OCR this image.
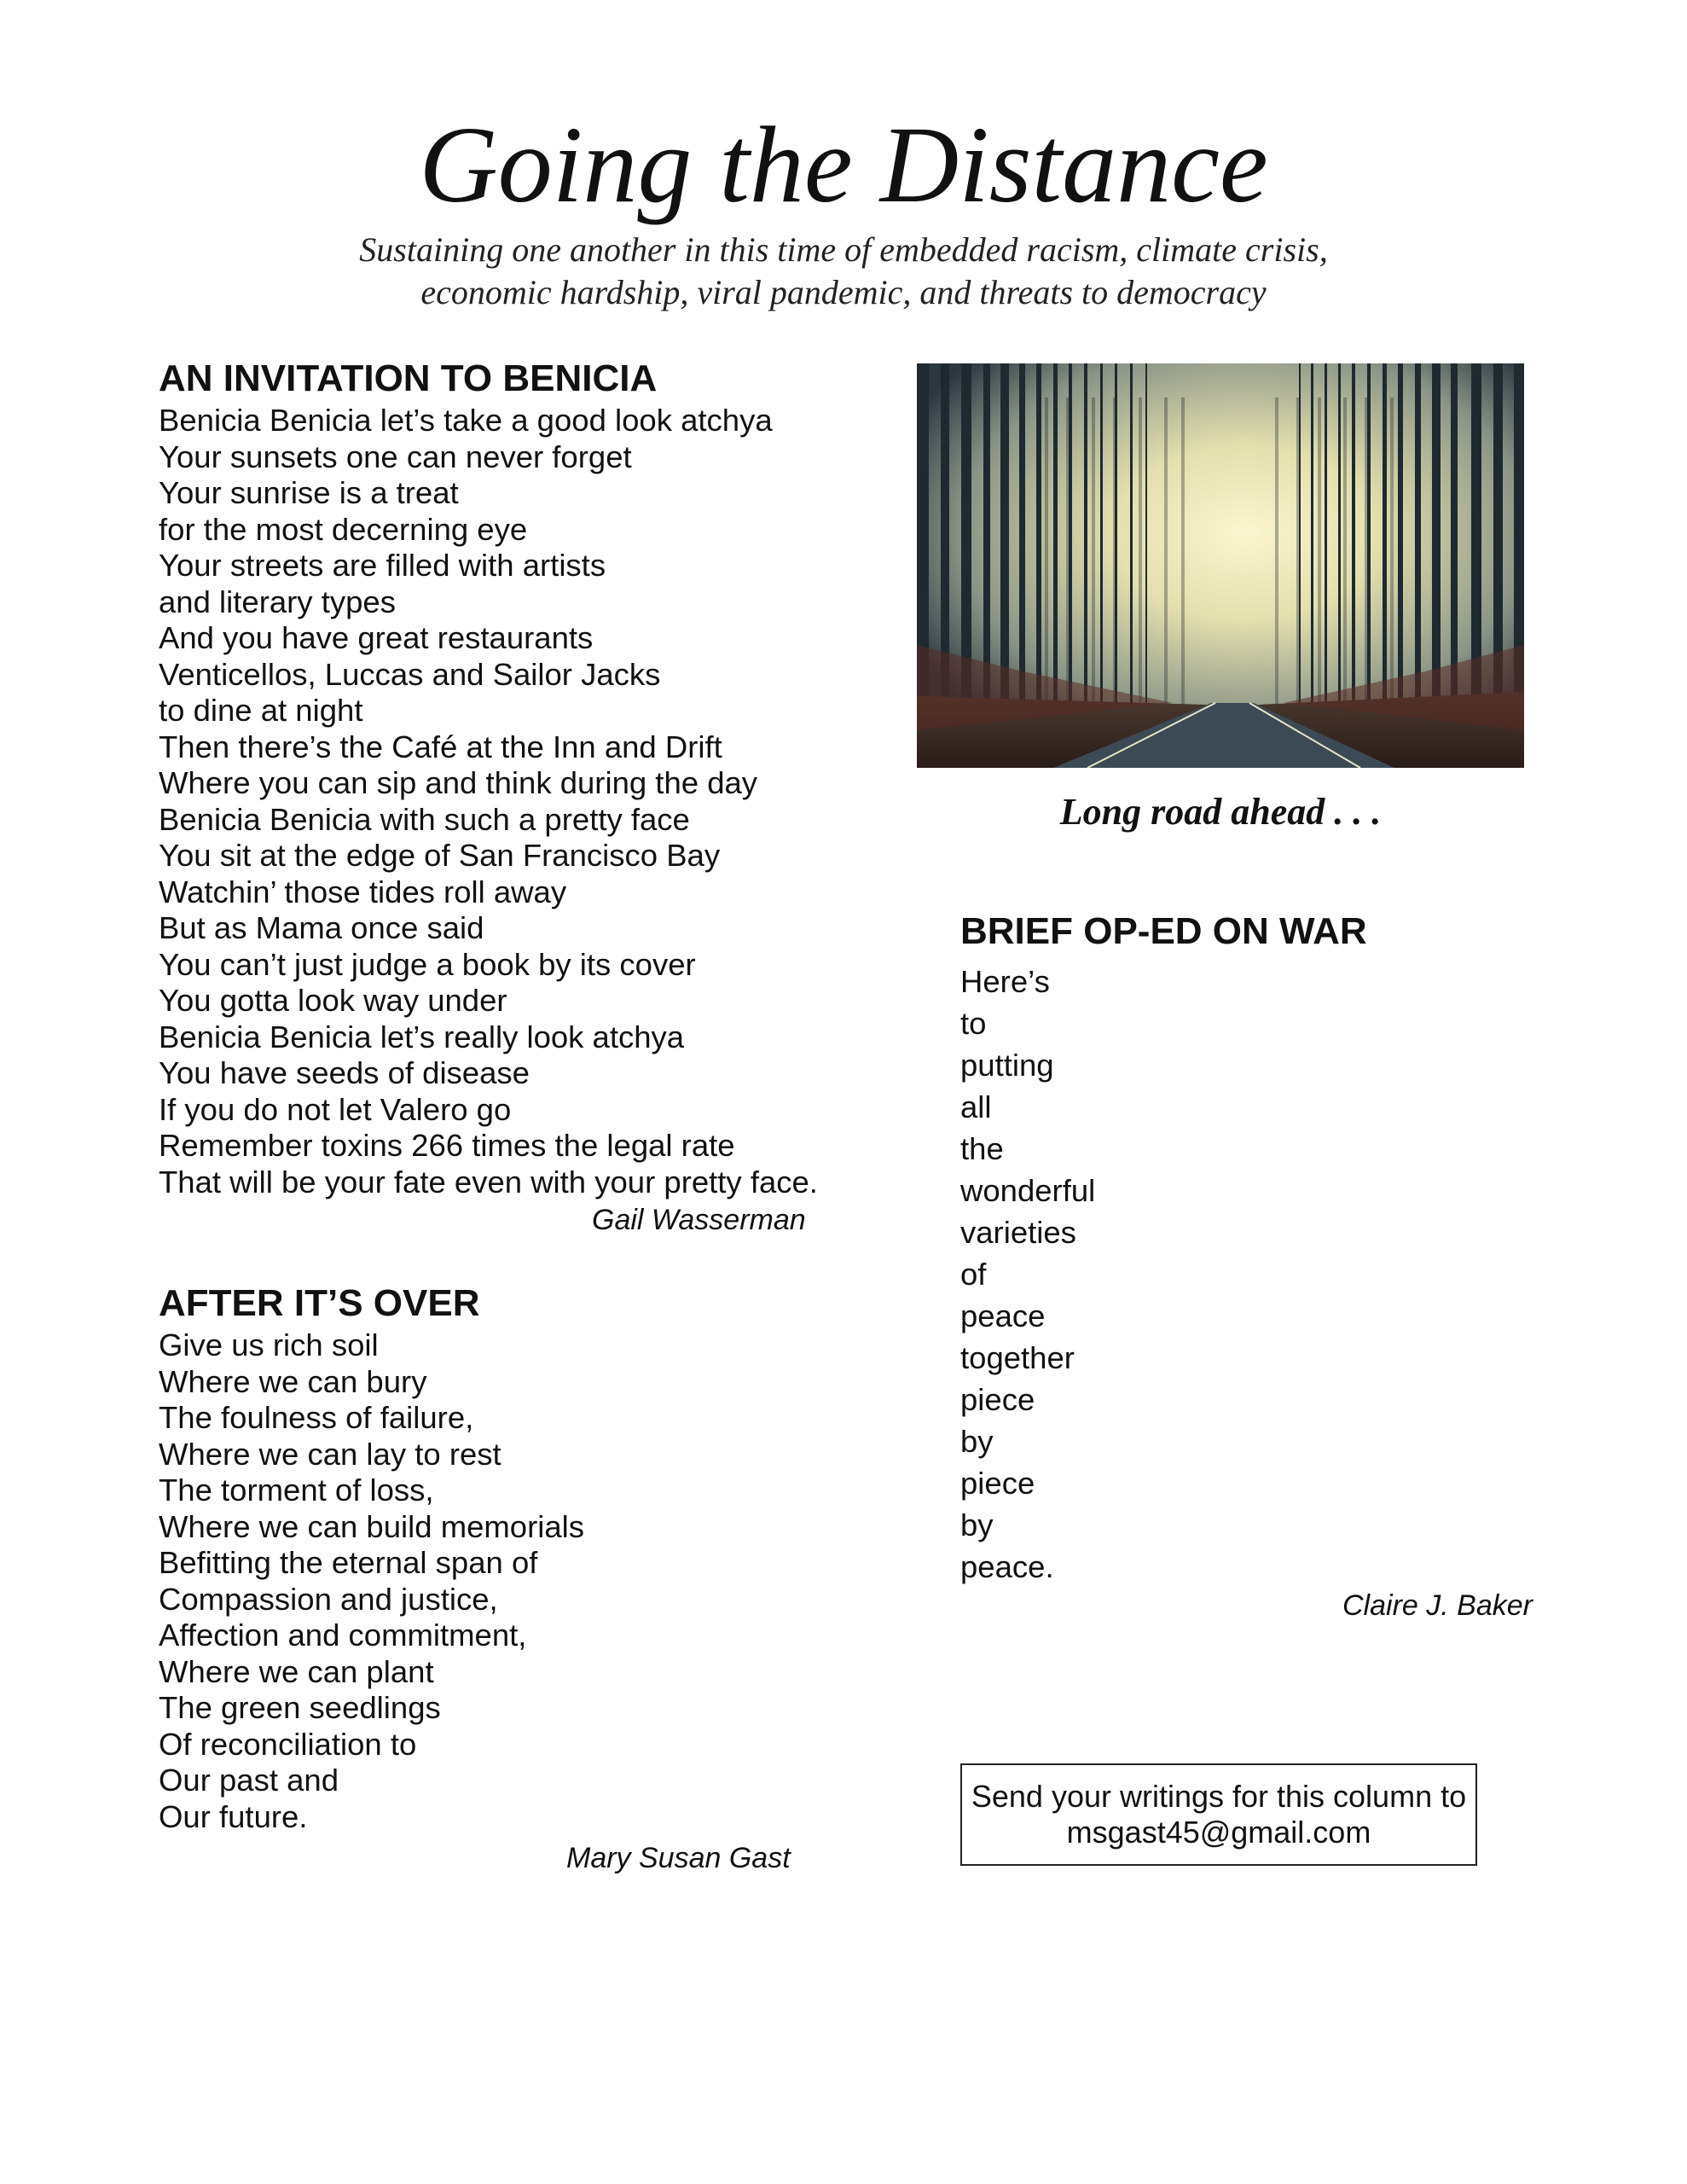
Going the Distance
Sustaining one another in this time of embedded racism, climate crisis,
economic hardship, viral pandemic, and threats to democracy
AN INVITATION TO BENICIA
Benicia Benicia let’s take a good look atchya
Your sunsets one can never forget
Your sunrise is a treat
for the most decerning eye
Your streets are filled with artists
and literary types
And you have great restaurants
Venticellos, Luccas and Sailor Jacks
to dine at night
Then there’s the Café at the Inn and Drift
Where you can sip and think during the day
Benicia Benicia with such a pretty face
You sit at the edge of San Francisco Bay
Watchin’ those tides roll away
But as Mama once said
You can’t just judge a book by its cover
You gotta look way under
Benicia Benicia let’s really look atchya
You have seeds of disease
If you do not let Valero go
Remember toxins 266 times the legal rate
That will be your fate even with your pretty face.
Gail Wasserman
AFTER IT’S OVER
Give us rich soil
Where we can bury
The foulness of failure,
Where we can lay to rest
The torment of loss,
Where we can build memorials
Befitting the eternal span of
Compassion and justice,
Affection and commitment,
Where we can plant
The green seedlings
Of reconciliation to
Our past and
Our future.
Mary Susan Gast
Long road ahead . . .
BRIEF OP-ED ON WAR
Here’s
to
putting
all
the
wonderful
varieties
of
peace
together
piece
by
piece
by
peace.
Claire J. Baker
Send your writings for this column to
msgast45@gmail.com
